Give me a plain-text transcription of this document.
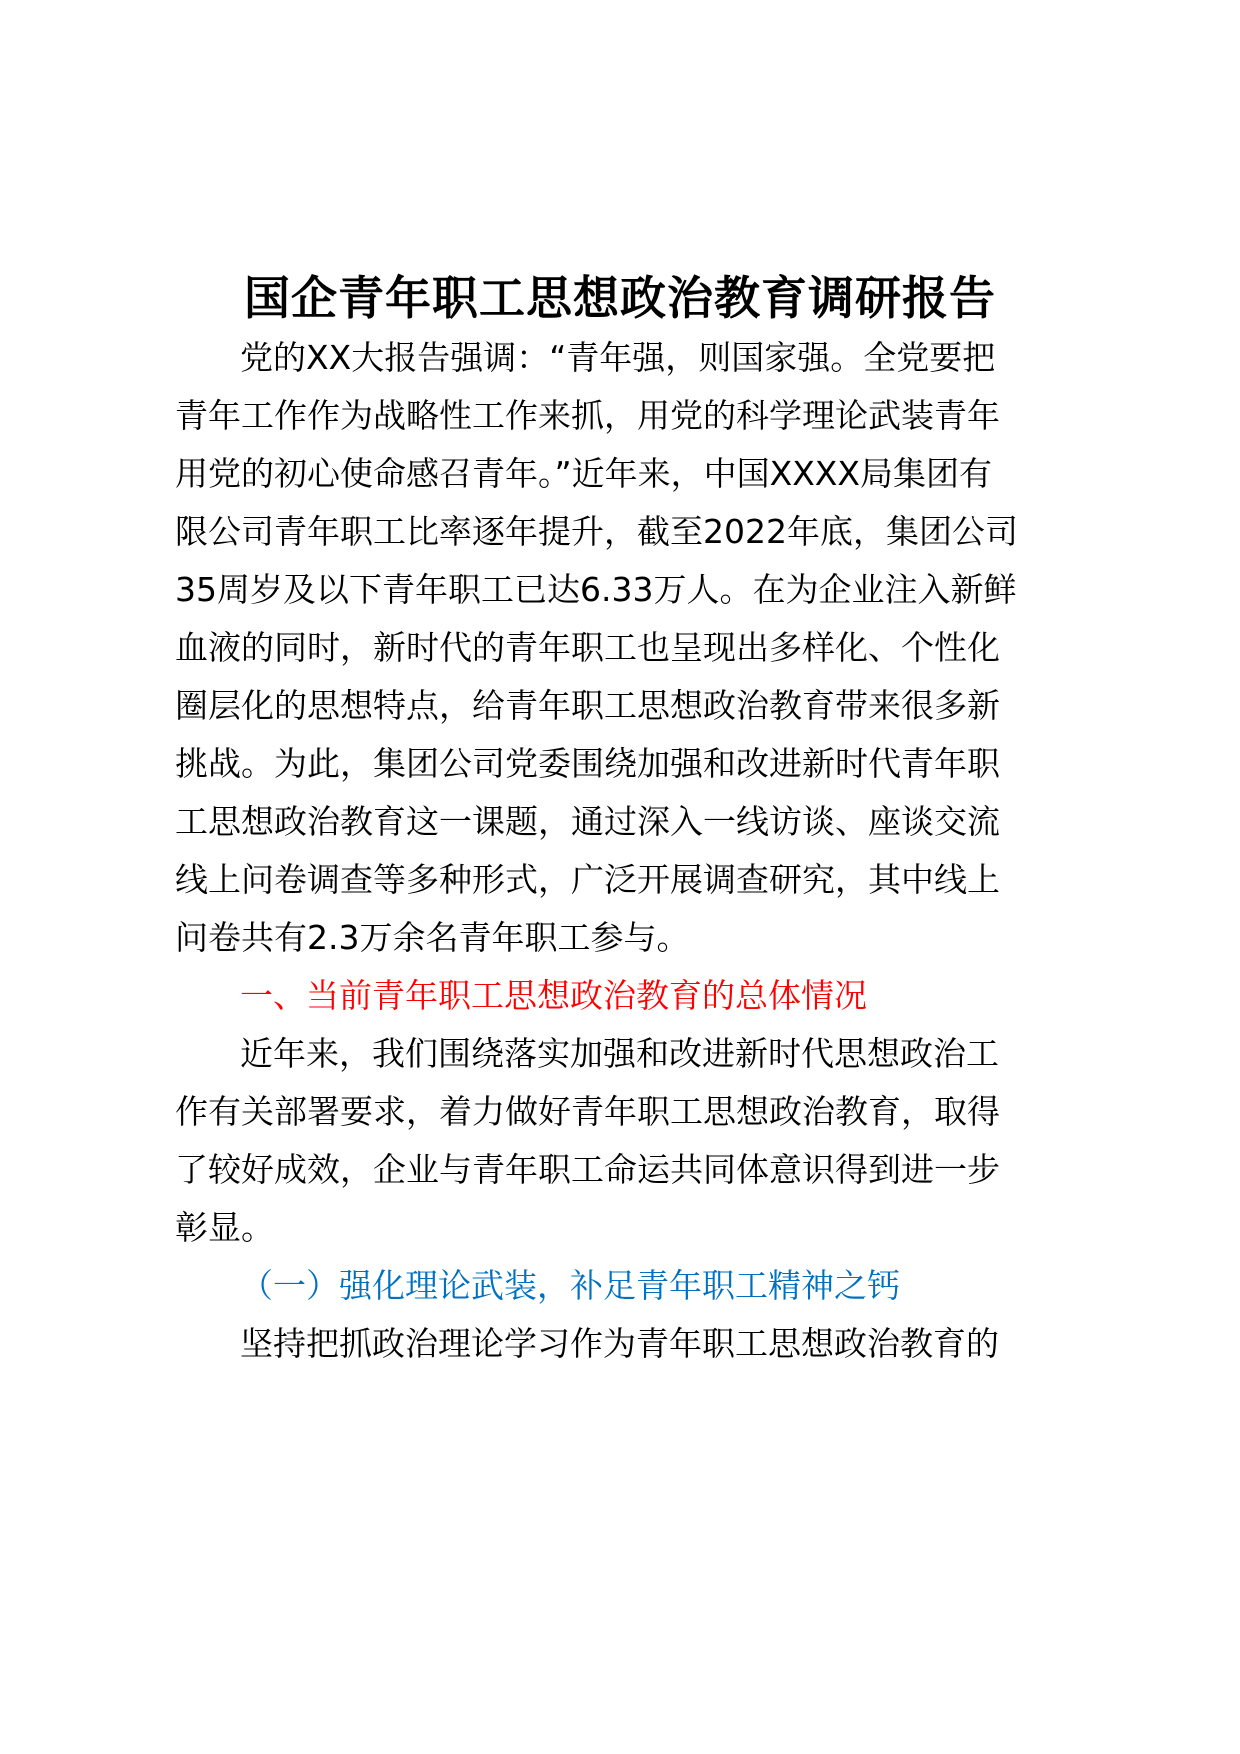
国企青年职工思想政治教育调研报告

党的XX大报告强调：“青年强，则国家强。全党要把

青年工作作为战略性工作来抓，用党的科学理论武装青年

用党的初心使命感召青年。”近年来，中国XXXX局集团有

限公司青年职工比率逐年提升，截至2022年底，集团公司

35周岁及以下青年职工已达6.33万人。在为企业注入新鲜

血液的同时，新时代的青年职工也呈现出多样化、个性化

圈层化的思想特点，给青年职工思想政治教育带来很多新

挑战。为此，集团公司党委围绕加强和改进新时代青年职

工思想政治教育这一课题，通过深入一线访谈、座谈交流

线上问卷调查等多种形式，广泛开展调查研究，其中线上

问卷共有2.3万余名青年职工参与。

一、当前青年职工思想政治教育的总体情况

近年来，我们围绕落实加强和改进新时代思想政治工

作有关部署要求，着力做好青年职工思想政治教育，取得

了较好成效，企业与青年职工命运共同体意识得到进一步

彰显。

（一）强化理论武装，补足青年职工精神之钙

坚持把抓政治理论学习作为青年职工思想政治教育的
